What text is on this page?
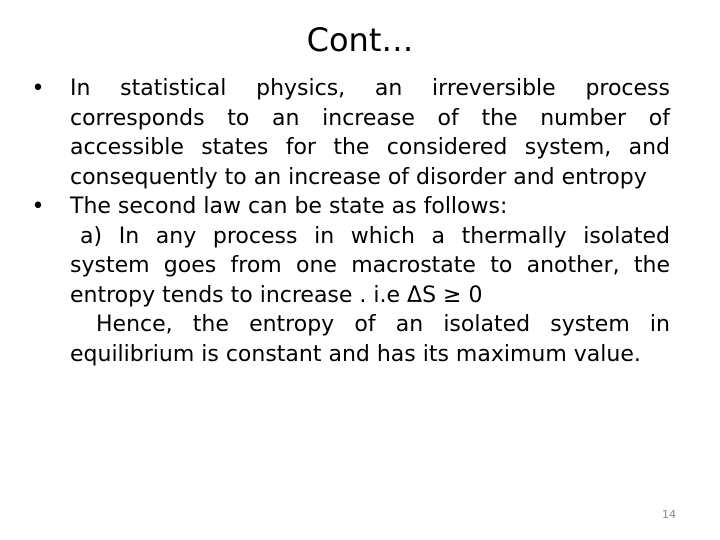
Cont…

• In statistical physics, an irreversible process corresponds to an increase of the number of accessible states for the considered system, and consequently to an increase of disorder and entropy

• The second law can be state as follows:

a) In any process in which a thermally isolated system goes from one macrostate to another, the entropy tends to increase . i.e ΔS ≥ 0

Hence, the entropy of an isolated system in equilibrium is constant and has its maximum value.

14
